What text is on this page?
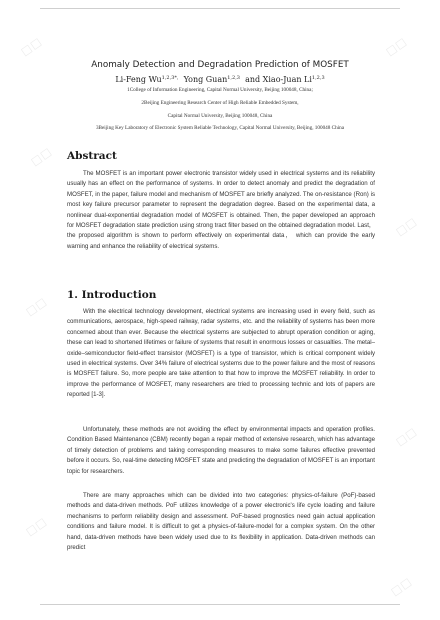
□□	□□
□□
□□
□□
□□
□□
□□
Anomaly Detection and Degradation Prediction of MOSFET
Li-Feng $Wu^{1,2,3*,}$ Yong Guan$^{1,2,3}$ and Xiao-Juan Li$^{1,2,3}$
1College of Information Engineering, Capital Normal University, Beijing 100048, China;
2Beijing Engineering Research Center of High Reliable Embedded System,
Capital Normal University, Beijing 100048, China
3Beijing Key Laboratory of Electronic System Reliable Technology, Capital Normal University, Beijing, 100048 China
Abstract

The MOSFET is an important power electronic transistor widely used in electrical systems and its reliability usually has an effect on the performance of systems. In order to detect anomaly and predict the degradation of MOSFET, in the paper, failure model and mechanism of MOSFET are briefly analyzed. The on-resistance (Ron) is most key failure precursor parameter to represent the degradation degree. Based on the experimental data, a nonlinear dual-exponential degradation model of MOSFET is obtained. Then, the paper developed an approach for MOSFET degradation state prediction using strong tract filter based on the obtained degradation model. Last， the proposed algorithm is shown to perform effectively on experimental data， which can provide the early warning and enhance the reliability of electrical systems.

1. Introduction

With the electrical technology development, electrical systems are increasing used in every field, such as communications, aerospace, high-speed railway, radar systems, etc. and the reliability of systems has been more concerned about than ever. Because the electrical systems are subjected to abrupt operation condition or aging, these can lead to shortened lifetimes or failure of systems that result in enormous losses or casualties. The metal–oxide–semiconductor field-effect transistor (MOSFET) is a type of transistor, which is critical component widely used in electrical systems. Over 34% failure of electrical systems due to the power failure and the most of reasons is MOSFET failure. So, more people are take attention to that how to improve the MOSFET reliability. In order to improve the performance of MOSFET, many researchers are tried to processing technic and lots of papers are reported [1-3].

Unfortunately, these methods are not avoiding the effect by environmental impacts and operation profiles. Condition Based Maintenance (CBM) recently began a repair method of extensive research, which has advantage of timely detection of problems and taking corresponding measures to make some failures effective prevented before it occurs. So, real-time detecting MOSFET state and predicting the degradation of MOSFET is an important topic for researchers.

There are many approaches which can be divided into two categories: physics-of-failure (PoF)-based methods and data-driven methods. PoF utilizes knowledge of a power electronic's life cycle loading and failure mechanisms to perform reliability design and assessment. PoF-based prognostics need gain actual application conditions and failure model. It is difficult to get a physics-of-failure-model for a complex system. On the other hand, data-driven methods have been widely used due to its flexibility in application. Data-driven methods can predict
